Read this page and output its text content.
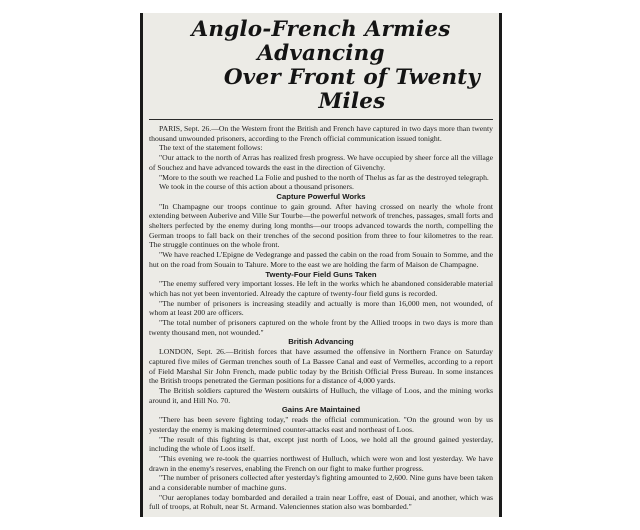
Anglo-French Armies Advancing
Over Front of Twenty Miles

PARIS, Sept. 26.—On the Western front the British and French have captured in two days more than twenty thousand unwounded prisoners, according to the French official communication issued tonight.

The text of the statement follows:

"Our attack to the north of Arras has realized fresh progress. We have occupied by sheer force all the village of Souchez and have advanced towards the east in the direction of Givenchy.

"More to the south we reached La Folie and pushed to the north of Thelus as far as the destroyed telegraph.

We took in the course of this action about a thousand prisoners.

Capture Powerful Works

"In Champagne our troops continue to gain ground. After having crossed on nearly the whole front extending between Auberive and Ville Sur Tourbe—the powerful network of trenches, passages, small forts and shelters perfected by the enemy during long months—our troops advanced towards the north, compelling the German troops to fall back on their trenches of the second position from three to four kilometres to the rear. The struggle continues on the whole front.

"We have reached L'Epigne de Vedegrange and passed the cabin on the road from Souain to Somme, and the hut on the road from Souain to Tahure. More to the east we are holding the farm of Maison de Champagne.

Twenty-Four Field Guns Taken

"The enemy suffered very important losses. He left in the works which he abandoned considerable material which has not yet been inventoried. Already the capture of twenty-four field guns is recorded.

"The number of prisoners is increasing steadily and actually is more than 16,000 men, not wounded, of whom at least 200 are officers.

"The total number of prisoners captured on the whole front by the Allied troops in two days is more than twenty thousand men, not wounded."

British Advancing

LONDON, Sept. 26.—British forces that have assumed the offensive in Northern France on Saturday captured five miles of German trenches south of La Bassee Canal and east of Vermelles, according to a report of Field Marshal Sir John French, made public today by the British Official Press Bureau. In some instances the British troops penetrated the German positions for a distance of 4,000 yards.

The British soldiers captured the Western outskirts of Hulluch, the village of Loos, and the mining works around it, and Hill No. 70.

Gains Are Maintained

"There has been severe fighting today," reads the official communication. "On the ground won by us yesterday the enemy is making determined counter-attacks east and northeast of Loos.

"The result of this fighting is that, except just north of Loos, we hold all the ground gained yesterday, including the whole of Loos itself.

"This evening we re-took the quarries northwest of Hulluch, which were won and lost yesterday. We have drawn in the enemy's reserves, enabling the French on our fight to make further progress.

"The number of prisoners collected after yesterday's fighting amounted to 2,600. Nine guns have been taken and a considerable number of machine guns.

"Our aeroplanes today bombarded and derailed a train near Loffre, east of Douai, and another, which was full of troops, at Rohult, near St. Armand. Valenciennes station also was bombarded."
